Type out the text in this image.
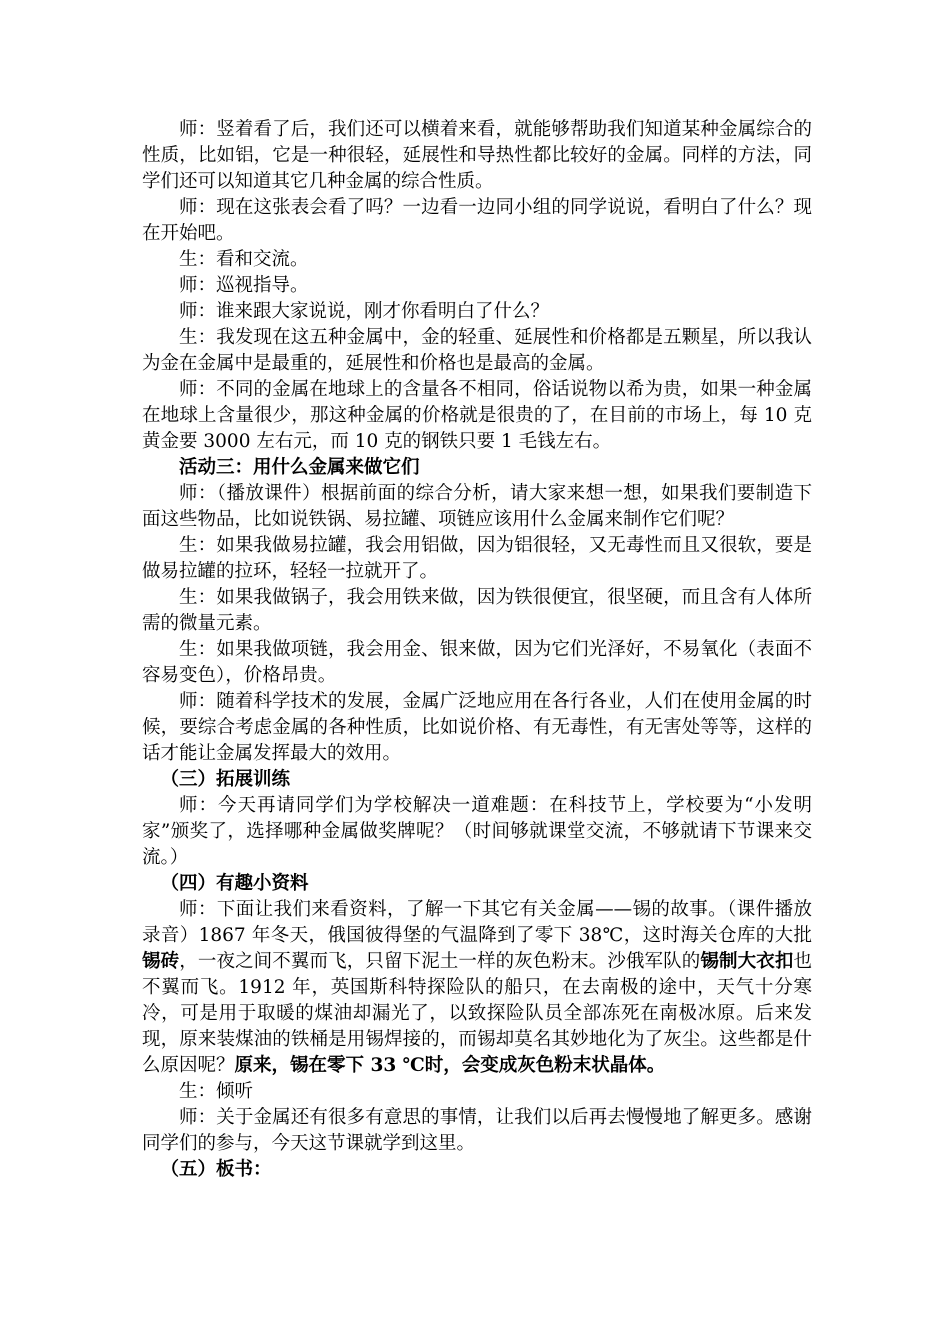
师：竖着看了后，我们还可以横着来看，就能够帮助我们知道某种金属综合的性质，比如铝，它是一种很轻，延展性和导热性都比较好的金属。同样的方法，同学们还可以知道其它几种金属的综合性质。

师：现在这张表会看了吗？一边看一边同小组的同学说说，看明白了什么？现在开始吧。

生：看和交流。

师：巡视指导。

师：谁来跟大家说说，刚才你看明白了什么？

生：我发现在这五种金属中，金的轻重、延展性和价格都是五颗星，所以我认为金在金属中是最重的，延展性和价格也是最高的金属。

师：不同的金属在地球上的含量各不相同，俗话说物以希为贵，如果一种金属在地球上含量很少，那这种金属的价格就是很贵的了，在目前的市场上，每 10 克黄金要 3000 左右元，而 10 克的钢铁只要 1 毛钱左右。

活动三：用什么金属来做它们

师：（播放课件）根据前面的综合分析，请大家来想一想，如果我们要制造下面这些物品，比如说铁锅、易拉罐、项链应该用什么金属来制作它们呢？

生：如果我做易拉罐，我会用铝做，因为铝很轻，又无毒性而且又很软，要是做易拉罐的拉环，轻轻一拉就开了。

生：如果我做锅子，我会用铁来做，因为铁很便宜，很坚硬，而且含有人体所需的微量元素。

生：如果我做项链，我会用金、银来做，因为它们光泽好，不易氧化（表面不容易变色），价格昂贵。

师：随着科学技术的发展，金属广泛地应用在各行各业，人们在使用金属的时候，要综合考虑金属的各种性质，比如说价格、有无毒性，有无害处等等，这样的话才能让金属发挥最大的效用。

（三）拓展训练

师：今天再请同学们为学校解决一道难题：在科技节上，学校要为“小发明家”颁奖了，选择哪种金属做奖牌呢？（时间够就课堂交流，不够就请下节课来交流。）

（四）有趣小资料

师：下面让我们来看资料，了解一下其它有关金属——锡的故事。（课件播放录音）1867 年冬天，俄国彼得堡的气温降到了零下 38℃，这时海关仓库的大批锡砖，一夜之间不翼而飞，只留下泥土一样的灰色粉末。沙俄军队的锡制大衣扣也不翼而飞。1912 年，英国斯科特探险队的船只，在去南极的途中，天气十分寒冷，可是用于取暖的煤油却漏光了，以致探险队员全部冻死在南极冰原。后来发现，原来装煤油的铁桶是用锡焊接的，而锡却莫名其妙地化为了灰尘。这些都是什么原因呢？原来，锡在零下 33 ℃时，会变成灰色粉末状晶体。

生：倾听

师：关于金属还有很多有意思的事情，让我们以后再去慢慢地了解更多。感谢同学们的参与，今天这节课就学到这里。

（五）板书：
